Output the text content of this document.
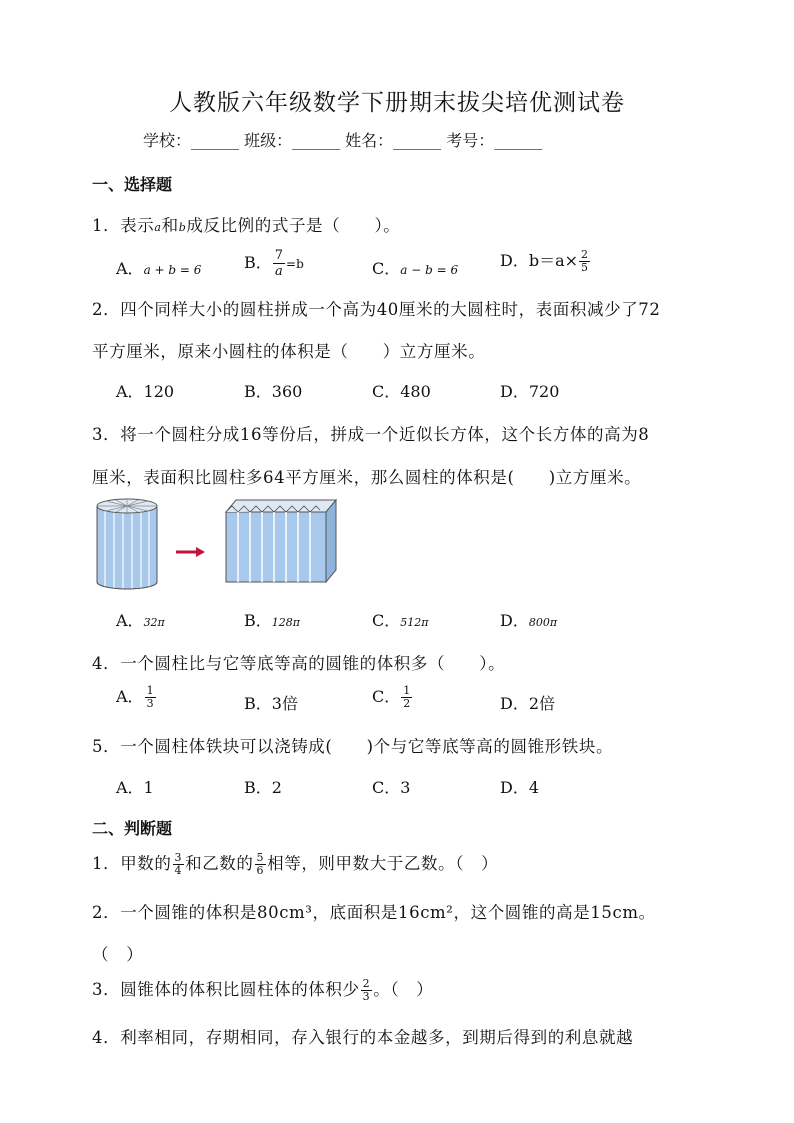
人教版六年级数学下册期末拔尖培优测试卷
学校：______ 班级：______ 姓名：______ 考号：______
一、选择题
1．表示a和b成反比例的式子是（　　）。
A．a + b = 6	B． $\frac{7}{a} =b$	C．a − b = 6	D．$b=a\times \frac{2}{5}$
2．四个同样大小的圆柱拼成一个高为40厘米的大圆柱时，表面积减少了72
平方厘米，原来小圆柱的体积是（　　）立方厘米。
A．120	B．360	C．480	D．720
3．将一个圆柱分成16等份后，拼成一个近似长方体，这个长方体的高为8
厘米，表面积比圆柱多64平方厘米，那么圆柱的体积是(　　)立方厘米。
A．32π	B．128π	C．512π	D．800π
4．一个圆柱比与它等底等高的圆锥的体积多（　　）。
A． $\frac{1}{3}$	B．3倍	C． $\frac{1}{2}$	D．2倍
5．一个圆柱体铁块可以浇铸成(　　)个与它等底等高的圆锥形铁块。
A．1	B．2	C．3	D．4
二、判断题
1．甲数的 $\frac{3}{4}$ 和乙数的 $\frac{5}{6}$ 相等，则甲数大于乙数。（　）
2．一个圆锥的体积是80cm³，底面积是16cm²，这个圆锥的高是15cm。
（　）
3．圆锥体的体积比圆柱体的体积少 $\frac{2}{3}$ 。（　）
4．利率相同，存期相同，存入银行的本金越多，到期后得到的利息就越
